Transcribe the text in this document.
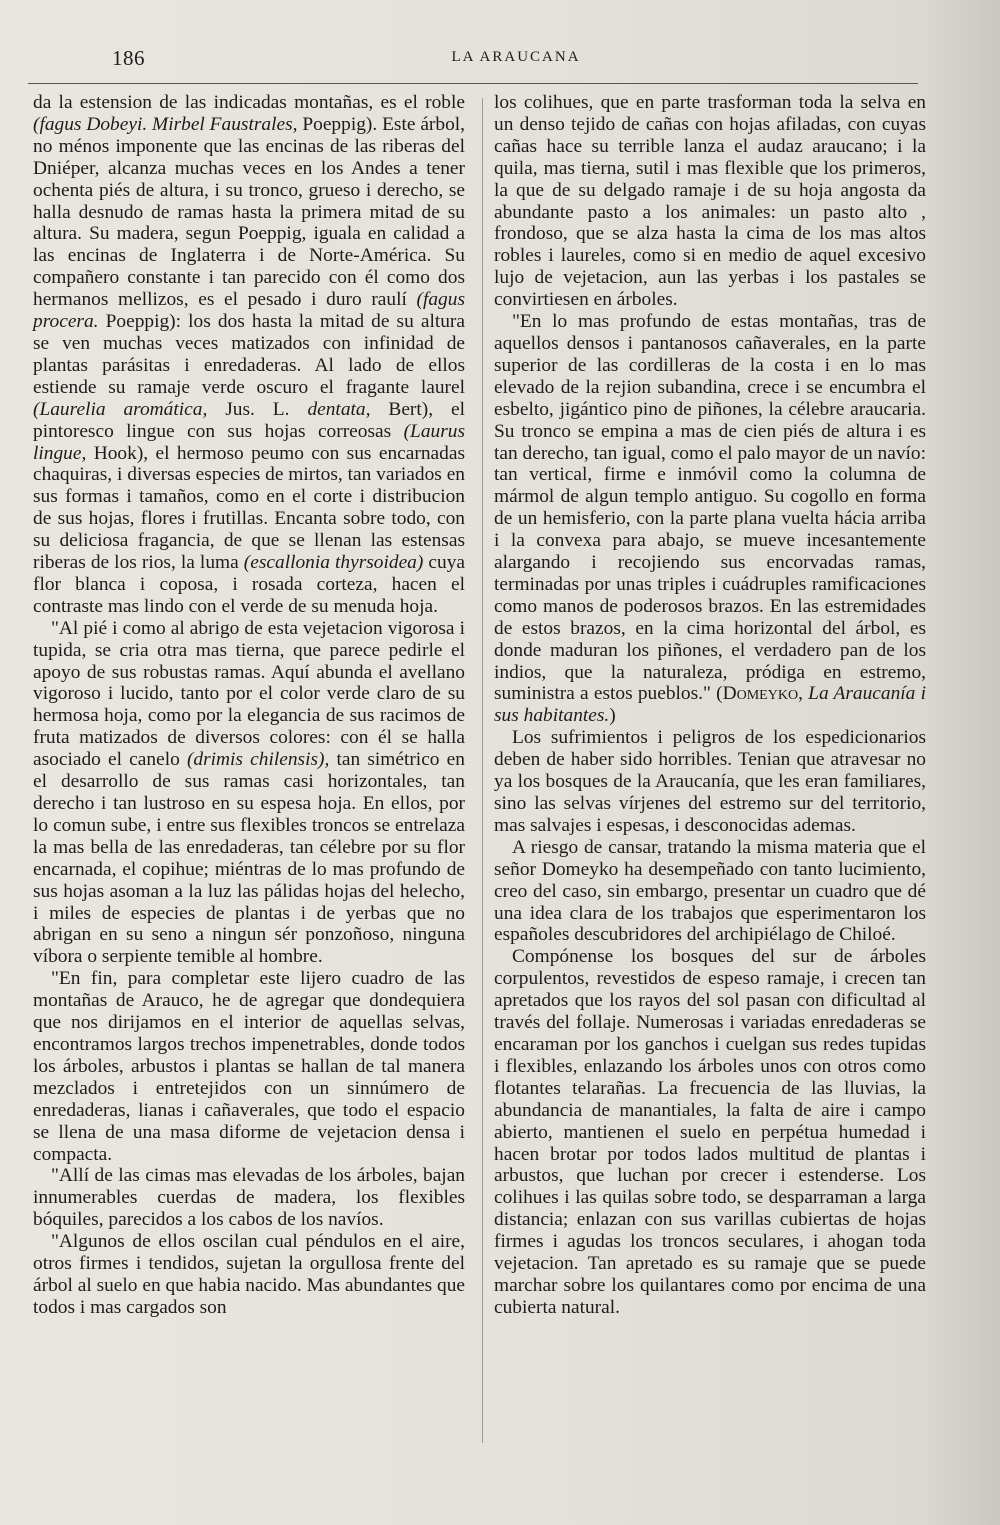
186	LA ARAUCANA

da la estension de las indicadas montañas, es el roble (fagus Dobeyi. Mirbel Faustrales, Poeppig). Este árbol, no ménos imponente que las encinas de las riberas del Dniéper, alcanza muchas veces en los Andes a tener ochenta piés de altura, i su tronco, grueso i derecho, se halla desnudo de ramas hasta la primera mitad de su altura. Su madera, segun Poeppig, iguala en calidad a las encinas de Inglaterra i de Norte-América. Su compañero constante i tan parecido con él como dos hermanos mellizos, es el pesado i duro raulí (fagus procera. Poeppig): los dos hasta la mitad de su altura se ven muchas veces matizados con infinidad de plantas parásitas i enredaderas. Al lado de ellos estiende su ramaje verde oscuro el fragante laurel (Laurelia aromática, Jus. L. dentata, Bert), el pintoresco lingue con sus hojas correosas (Laurus lingue, Hook), el hermoso peumo con sus encarnadas chaquiras, i diversas especies de mirtos, tan variados en sus formas i tamaños, como en el corte i distribucion de sus hojas, flores i frutillas. Encanta sobre todo, con su deliciosa fragancia, de que se llenan las estensas riberas de los rios, la luma (escallonia thyrsoidea) cuya flor blanca i coposa, i rosada corteza, hacen el contraste mas lindo con el verde de su menuda hoja.

"Al pié i como al abrigo de esta vejetacion vigorosa i tupida, se cria otra mas tierna, que parece pedirle el apoyo de sus robustas ramas. Aquí abunda el avellano vigoroso i lucido, tanto por el color verde claro de su hermosa hoja, como por la elegancia de sus racimos de fruta matizados de diversos colores: con él se halla asociado el canelo (drimis chilensis), tan simétrico en el desarrollo de sus ramas casi horizontales, tan derecho i tan lustroso en su espesa hoja. En ellos, por lo comun sube, i entre sus flexibles troncos se entrelaza la mas bella de las enredaderas, tan célebre por su flor encarnada, el copihue; miéntras de lo mas profundo de sus hojas asoman a la luz las pálidas hojas del helecho, i miles de especies de plantas i de yerbas que no abrigan en su seno a ningun sér ponzoñoso, ninguna víbora o serpiente temible al hombre.

"En fin, para completar este lijero cuadro de las montañas de Arauco, he de agregar que dondequiera que nos dirijamos en el interior de aquellas selvas, encontramos largos trechos impenetrables, donde todos los árboles, arbustos i plantas se hallan de tal manera mezclados i entretejidos con un sinnúmero de enredaderas, lianas i cañaverales, que todo el espacio se llena de una masa diforme de vejetacion densa i compacta.

"Allí de las cimas mas elevadas de los árboles, bajan innumerables cuerdas de madera, los flexibles bóquiles, parecidos a los cabos de los navíos.

"Algunos de ellos oscilan cual péndulos en el aire, otros firmes i tendidos, sujetan la orgullosa frente del árbol al suelo en que habia nacido. Mas abundantes que todos i mas cargados son

los colihues, que en parte trasforman toda la selva en un denso tejido de cañas con hojas afiladas, con cuyas cañas hace su terrible lanza el audaz araucano; i la quila, mas tierna, sutil i mas flexible que los primeros, la que de su delgado ramaje i de su hoja angosta da abundante pasto a los animales: un pasto alto , frondoso, que se alza hasta la cima de los mas altos robles i laureles, como si en medio de aquel excesivo lujo de vejetacion, aun las yerbas i los pastales se convirtiesen en árboles.

"En lo mas profundo de estas montañas, tras de aquellos densos i pantanosos cañaverales, en la parte superior de las cordilleras de la costa i en lo mas elevado de la rejion subandina, crece i se encumbra el esbelto, jigántico pino de piñones, la célebre araucaria. Su tronco se empina a mas de cien piés de altura i es tan derecho, tan igual, como el palo mayor de un navío: tan vertical, firme e inmóvil como la columna de mármol de algun templo antiguo. Su cogollo en forma de un hemisferio, con la parte plana vuelta hácia arriba i la convexa para abajo, se mueve incesantemente alargando i recojiendo sus encorvadas ramas, terminadas por unas triples i cuádruples ramificaciones como manos de poderosos brazos. En las estremidades de estos brazos, en la cima horizontal del árbol, es donde maduran los piñones, el verdadero pan de los indios, que la naturaleza, pródiga en estremo, suministra a estos pueblos." (Domeyko, La Araucanía i sus habitantes.)

Los sufrimientos i peligros de los espedicionarios deben de haber sido horribles. Tenian que atravesar no ya los bosques de la Araucanía, que les eran familiares, sino las selvas vírjenes del estremo sur del territorio, mas salvajes i espesas, i desconocidas ademas.

A riesgo de cansar, tratando la misma materia que el señor Domeyko ha desempeñado con tanto lucimiento, creo del caso, sin embargo, presentar un cuadro que dé una idea clara de los trabajos que esperimentaron los españoles descubridores del archipiélago de Chiloé.

Compónense los bosques del sur de árboles corpulentos, revestidos de espeso ramaje, i crecen tan apretados que los rayos del sol pasan con dificultad al través del follaje. Numerosas i variadas enredaderas se encaraman por los ganchos i cuelgan sus redes tupidas i flexibles, enlazando los árboles unos con otros como flotantes telarañas. La frecuencia de las lluvias, la abundancia de manantiales, la falta de aire i campo abierto, mantienen el suelo en perpétua humedad i hacen brotar por todos lados multitud de plantas i arbustos, que luchan por crecer i estenderse. Los colihues i las quilas sobre todo, se desparraman a larga distancia; enlazan con sus varillas cubiertas de hojas firmes i agudas los troncos seculares, i ahogan toda vejetacion. Tan apretado es su ramaje que se puede marchar sobre los quilantares como por encima de una cubierta natural.
